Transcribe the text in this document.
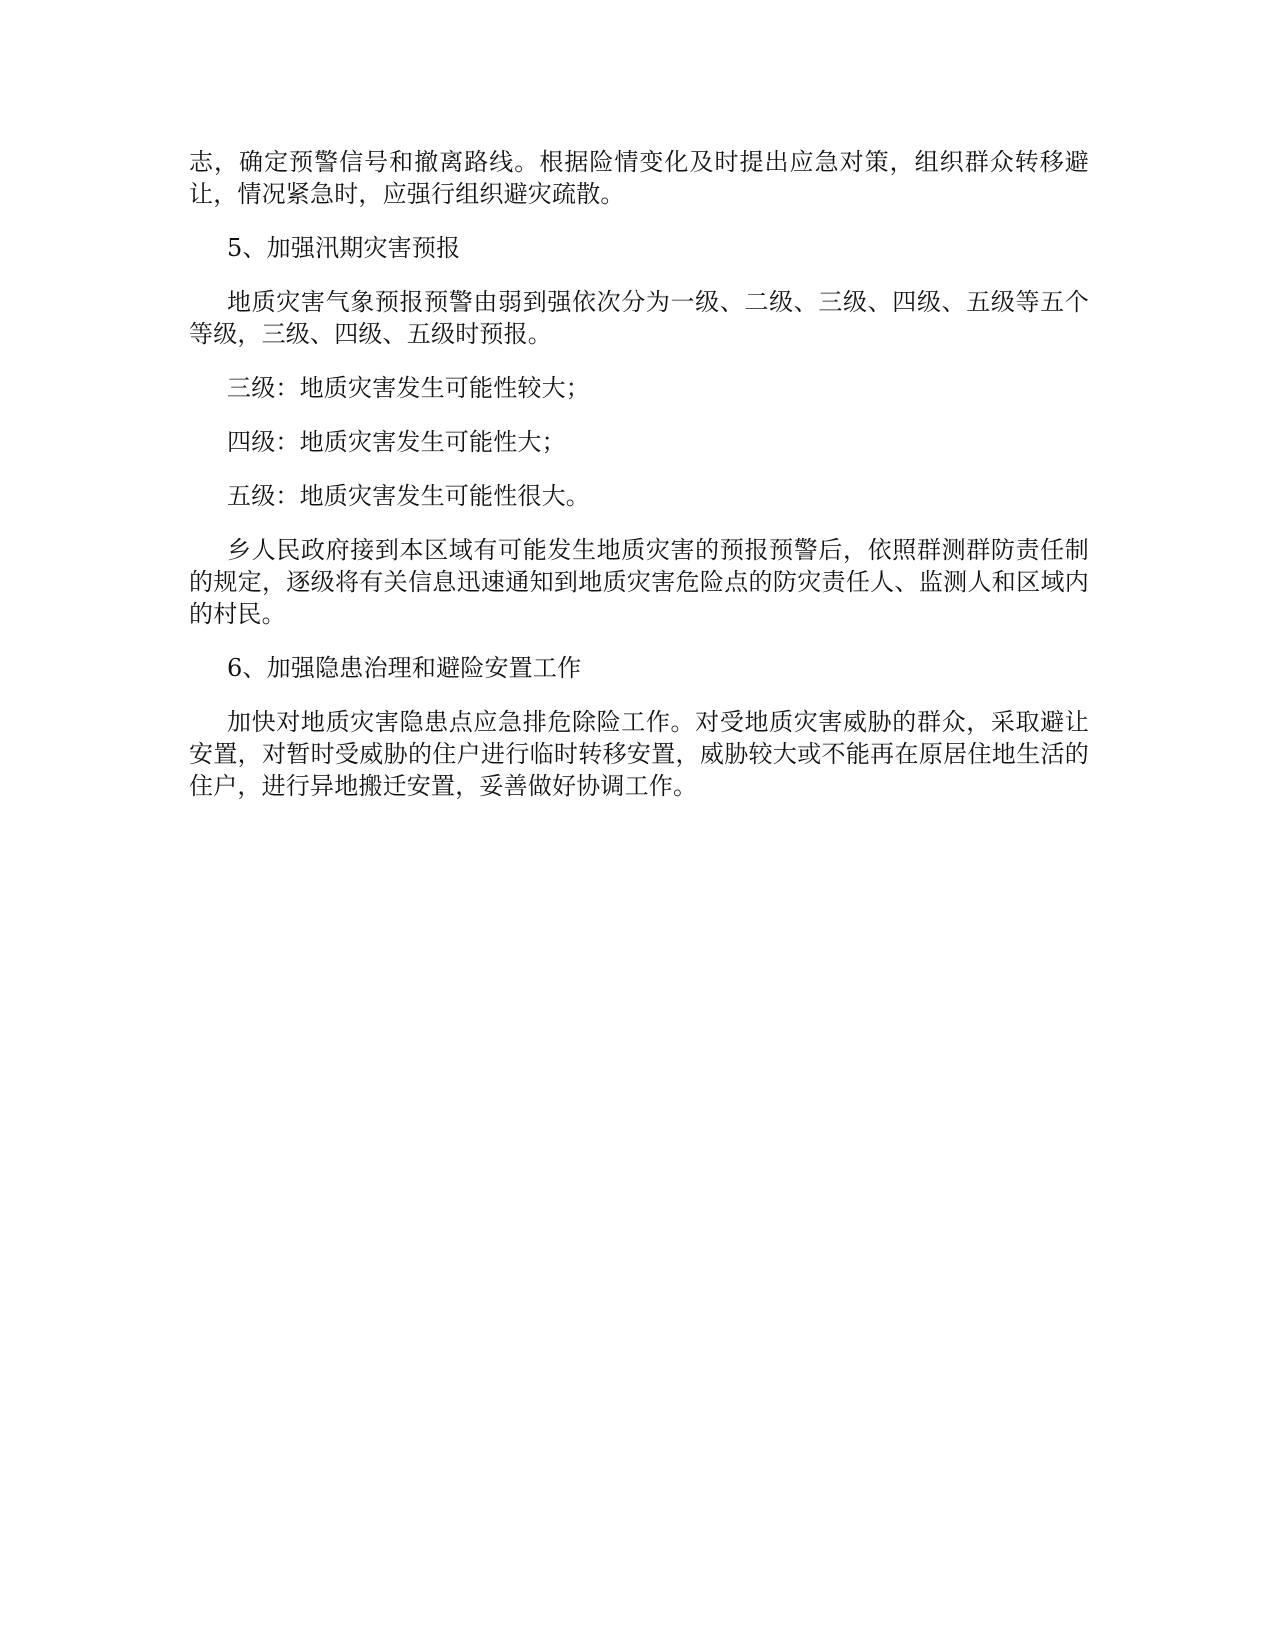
志，确定预警信号和撤离路线。根据险情变化及时提出应急对策，组织群众转移避让，情况紧急时，应强行组织避灾疏散。

5、加强汛期灾害预报

地质灾害气象预报预警由弱到强依次分为一级、二级、三级、四级、五级等五个等级，三级、四级、五级时预报。

三级：地质灾害发生可能性较大；

四级：地质灾害发生可能性大；

五级：地质灾害发生可能性很大。

乡人民政府接到本区域有可能发生地质灾害的预报预警后，依照群测群防责任制的规定，逐级将有关信息迅速通知到地质灾害危险点的防灾责任人、监测人和区域内的村民。

6、加强隐患治理和避险安置工作

加快对地质灾害隐患点应急排危除险工作。对受地质灾害威胁的群众，采取避让安置，对暂时受威胁的住户进行临时转移安置，威胁较大或不能再在原居住地生活的住户，进行异地搬迁安置，妥善做好协调工作。
